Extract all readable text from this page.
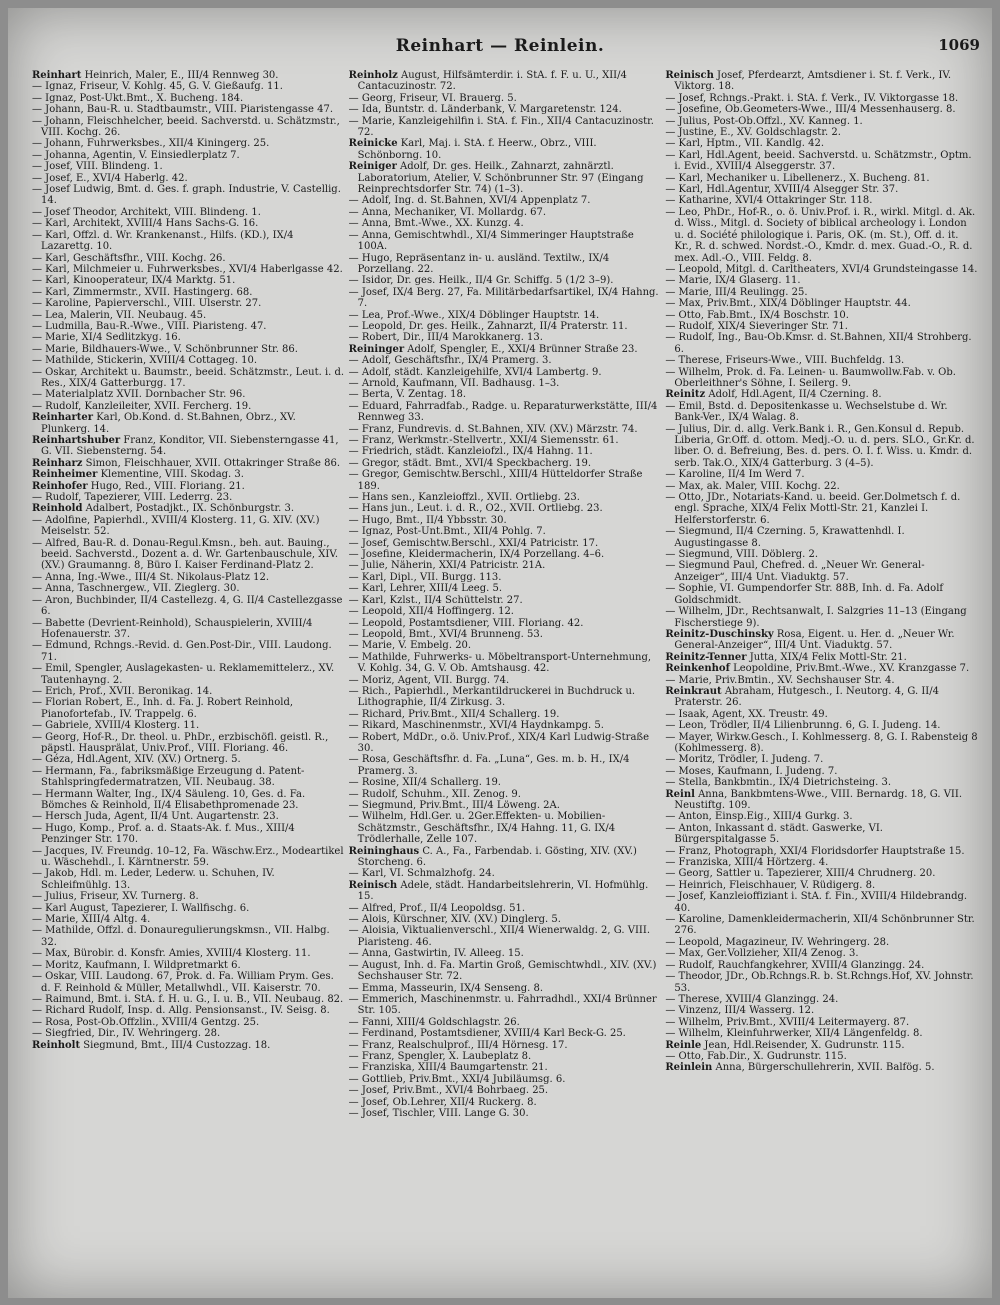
Reinhart — Reinlein.	1069

Reinhart Heinrich, Maler, E., III/4 Rennweg 30.

— Ignaz, Friseur, V. Kohlg. 45, G. V. Gießaufg. 11.

— Ignaz, Post-Ukt.Bmt., X. Bucheng. 184.

— Johann, Bau-R. u. Stadtbaumstr., VIII. Piaristengasse 47.

— Johann, Fleischhelcher, beeid. Sachverstd. u. Schätzmstr., VIII. Kochg. 26.

— Johann, Fuhrwerksbes., XII/4 Kiningerg. 25.

— Johanna, Agentin, V. Einsiedlerplatz 7.

— Josef, VIII. Blindeng. 1.

— Josef, E., XVI/4 Haberlg. 42.

— Josef Ludwig, Bmt. d. Ges. f. graph. Industrie, V. Castellig. 14.

— Josef Theodor, Architekt, VIII. Blindeng. 1.

— Karl, Architekt, XVIII/4 Hans Sachs-G. 16.

— Karl, Offzl. d. Wr. Krankenanst., Hilfs. (KD.), IX/4 Lazarettg. 10.

— Karl, Geschäftsfhr., VIII. Kochg. 26.

— Karl, Milchmeier u. Fuhrwerksbes., XVI/4 Haberlgasse 42.

— Karl, Kinooperateur, IX/4 Marktg. 51.

— Karl, Zimmermstr., XVII. Hastingerg. 68.

— Karoline, Papierverschl., VIII. Ulserstr. 27.

— Lea, Malerin, VII. Neubaug. 45.

— Ludmilla, Bau-R.-Wwe., VIII. Piaristeng. 47.

— Marie, XI/4 Sedlitzkyg. 16.

— Marie, Bildhauers-Wwe., V. Schönbrunner Str. 86.

— Mathilde, Stickerin, XVIII/4 Cottageg. 10.

— Oskar, Architekt u. Baumstr., beeid. Schätzmstr., Leut. i. d. Res., XIX/4 Gatterburgg. 17.

— Materialplatz XVII. Dornbacher Str. 96.

— Rudolf, Kanzleileiter, XVII. Fercherg. 19.

Reinharter Karl, Ob.Kond. d. St.Bahnen, Obrz., XV. Plunkerg. 14.

Reinhartshuber Franz, Konditor, VII. Siebensterngasse 41, G. VII. Siebensterng. 54.

Reinharz Simon, Fleischhauer, XVII. Ottakringer Straße 86.

Reinheimer Klementine, VIII. Skodag. 3.

Reinhofer Hugo, Red., VIII. Floriang. 21.

— Rudolf, Tapezierer, VIII. Lederrg. 23.

Reinhold Adalbert, Postadjkt., IX. Schönburgstr. 3.

— Adolfine, Papierhdl., XVIII/4 Klosterg. 11, G. XIV. (XV.) Meiselstr. 52.

— Alfred, Bau-R. d. Donau-Regul.Kmsn., beh. aut. Bauing., beeid. Sachverstd., Dozent a. d. Wr. Gartenbauschule, XIV. (XV.) Graumanng. 8, Büro I. Kaiser Ferdinand-Platz 2.

— Anna, Ing.-Wwe., III/4 St. Nikolaus-Platz 12.

— Anna, Taschnergew., VII. Zieglerg. 30.

— Aron, Buchbinder, II/4 Castellezg. 4, G. II/4 Castellezgasse 6.

— Babette (Devrient-Reinhold), Schauspielerin, XVIII/4 Hofenauerstr. 37.

— Edmund, Rchngs.-Revid. d. Gen.Post-Dir., VIII. Laudong. 71.

— Emil, Spengler, Auslagekasten- u. Reklamemittelerz., XV. Tautenhayng. 2.

— Erich, Prof., XVII. Beronikag. 14.

— Florian Robert, E., Inh. d. Fa. J. Robert Reinhold, Pianofortefab., IV. Trappelg. 6.

— Gabriele, XVIII/4 Klosterg. 11.

— Georg, Hof-R., Dr. theol. u. PhDr., erzbischöfl. geistl. R., päpstl. Hausprälat, Univ.Prof., VIII. Floriang. 46.

— Géza, Hdl.Agent, XIV. (XV.) Ortnerg. 5.

— Hermann, Fa., fabriksmäßige Erzeugung d. Patent-Stahlspringfedermatratzen, VII. Neubaug. 38.

— Hermann Walter, Ing., IX/4 Säuleng. 10, Ges. d. Fa. Bömches & Reinhold, II/4 Elisabethpromenade 23.

— Hersch Juda, Agent, II/4 Unt. Augartenstr. 23.

— Hugo, Komp., Prof. a. d. Staats-Ak. f. Mus., XIII/4 Penzinger Str. 170.

— Jacques, IV. Freundg. 10–12, Fa. Wäschw.Erz., Modeartikel u. Wäschehdl., I. Kärntnerstr. 59.

— Jakob, Hdl. m. Leder, Lederw. u. Schuhen, IV. Schleifmühlg. 13.

— Julius, Friseur, XV. Turnerg. 8.

— Karl August, Tapezierer, I. Wallfischg. 6.

— Marie, XIII/4 Altg. 4.

— Mathilde, Offzl. d. Donauregulierungskmsn., VII. Halbg. 32.

— Max, Bürobir. d. Konsfr. Amies, XVIII/4 Klosterg. 11.

— Moritz, Kaufmann, I. Wildpretmarkt 6.

— Oskar, VIII. Laudong. 67, Prok. d. Fa. William Prym. Ges. d. F. Reinhold & Müller, Metallwhdl., VII. Kaiserstr. 70.

— Raimund, Bmt. i. StA. f. H. u. G., I. u. B., VII. Neubaug. 82.

— Richard Rudolf, Insp. d. Allg. Pensionsanst., IV. Seisg. 8.

— Rosa, Post-Ob.Offzlin., XVIII/4 Gentzg. 25.

— Siegfried, Dir., IV. Wehringerg. 28.

Reinholt Siegmund, Bmt., III/4 Custozzag. 18.

Reinholz August, Hilfsämterdir. i. StA. f. F. u. U., XII/4 Cantacuzinostr. 72.

— Georg, Friseur, VI. Brauerg. 5.

— Ida, Buntstr. d. Länderbank, V. Margaretenstr. 124.

— Marie, Kanzleigehilfin i. StA. f. Fin., XII/4 Cantacuzinostr. 72.

Reinicke Karl, Maj. i. StA. f. Heerw., Obrz., VIII. Schönborng. 10.

Reiniger Adolf, Dr. ges. Heilk., Zahnarzt, zahnärztl. Laboratorium, Atelier, V. Schönbrunner Str. 97 (Eingang Reinprechtsdorfer Str. 74) (1–3).

— Adolf, Ing. d. St.Bahnen, XVI/4 Appenplatz 7.

— Anna, Mechaniker, VI. Mollardg. 67.

— Anna, Bmt.-Wwe., XX. Kunzg. 4.

— Anna, Gemischtwhdl., XI/4 Simmeringer Hauptstraße 100A.

— Hugo, Repräsentanz in- u. ausländ. Textilw., IX/4 Porzellang. 22.

— Isidor, Dr. ges. Heilk., II/4 Gr. Schiffg. 5 (1/2 3–9).

— Josef, IX/4 Berg. 27, Fa. Militärbedarfsartikel, IX/4 Hahng. 7.

— Lea, Prof.-Wwe., XIX/4 Döblinger Hauptstr. 14.

— Leopold, Dr. ges. Heilk., Zahnarzt, II/4 Praterstr. 11.

— Robert, Dir., III/4 Marokkanerg. 13.

Reininger Adolf, Spengler, E., XXI/4 Brünner Straße 23.

— Adolf, Geschäftsfhr., IX/4 Pramerg. 3.

— Adolf, städt. Kanzleigehilfe, XVI/4 Lambertg. 9.

— Arnold, Kaufmann, VII. Badhausg. 1–3.

— Berta, V. Zentag. 18.

— Eduard, Fahrradfab., Radge. u. Reparaturwerkstätte, III/4 Rennweg 33.

— Franz, Fundrevis. d. St.Bahnen, XIV. (XV.) Märzstr. 74.

— Franz, Werkmstr.-Stellvertr., XXI/4 Siemensstr. 61.

— Friedrich, städt. Kanzleiofzl., IX/4 Hahng. 11.

— Gregor, städt. Bmt., XVI/4 Speckbacherg. 19.

— Gregor, Gemischtw.Berschl., XIII/4 Hütteldorfer Straße 189.

— Hans sen., Kanzleioffzl., XVII. Ortliebg. 23.

— Hans jun., Leut. i. d. R., O2., XVII. Ortliebg. 23.

— Hugo, Bmt., II/4 Ybbsstr. 30.

— Ignaz, Post-Unt.Bmt., XII/4 Pohlg. 7.

— Josef, Gemischtw.Berschl., XXI/4 Patricistr. 17.

— Josefine, Kleidermacherin, IX/4 Porzellang. 4–6.

— Julie, Näherin, XXI/4 Patricistr. 21A.

— Karl, Dipl., VII. Burgg. 113.

— Karl, Lehrer, XIII/4 Leeg. 5.

— Karl, Kzlst., II/4 Schüttelstr. 27.

— Leopold, XII/4 Hoffingerg. 12.

— Leopold, Postamtsdiener, VIII. Floriang. 42.

— Leopold, Bmt., XVI/4 Brunneng. 53.

— Marie, V. Embelg. 20.

— Mathilde, Fuhrwerks- u. Möbeltransport-Unternehmung, V. Kohlg. 34, G. V. Ob. Amtshausg. 42.

— Moriz, Agent, VII. Burgg. 74.

— Rich., Papierhdl., Merkantildruckerei in Buchdruck u. Lithographie, II/4 Zirkusg. 3.

— Richard, Priv.Bmt., XII/4 Schallerg. 19.

— Rikard, Maschinenmstr., XVI/4 Haydnkampg. 5.

— Robert, MdDr., o.ö. Univ.Prof., XIX/4 Karl Ludwig-Straße 30.

— Rosa, Geschäftsfhr. d. Fa. „Luna“, Ges. m. b. H., IX/4 Pramerg. 3.

— Rosine, XII/4 Schallerg. 19.

— Rudolf, Schuhm., XII. Zenog. 9.

— Siegmund, Priv.Bmt., III/4 Löweng. 2A.

— Wilhelm, Hdl.Ger. u. 2Ger.Effekten- u. Mobilien-Schätzmstr., Geschäftsfhr., IX/4 Hahng. 11, G. IX/4 Trödlerhalle, Zelle 107.

Reininghaus C. A., Fa., Farbendab. i. Gösting, XIV. (XV.) Storcheng. 6.

— Karl, VI. Schmalzhofg. 24.

Reinisch Adele, städt. Handarbeitslehrerin, VI. Hofmühlg. 15.

— Alfred, Prof., II/4 Leopoldsg. 51.

— Alois, Kürschner, XIV. (XV.) Dinglerg. 5.

— Aloisia, Viktualienverschl., XII/4 Wienerwaldg. 2, G. VIII. Piaristeng. 46.

— Anna, Gastwirtin, IV. Alleeg. 15.

— August, Inh. d. Fa. Martin Groß, Gemischtwhdl., XIV. (XV.) Sechshauser Str. 72.

— Emma, Masseurin, IX/4 Senseng. 8.

— Emmerich, Maschinenmstr. u. Fahrradhdl., XXI/4 Brünner Str. 105.

— Fanni, XIII/4 Goldschlagstr. 26.

— Ferdinand, Postamtsdiener, XVIII/4 Karl Beck-G. 25.

— Franz, Realschulprof., III/4 Hörnesg. 17.

— Franz, Spengler, X. Laubeplatz 8.

— Franziska, XIII/4 Baumgartenstr. 21.

— Gottlieb, Priv.Bmt., XXI/4 Jubiläumsg. 6.

— Josef, Priv.Bmt., XVI/4 Bohrbaeg. 25.

— Josef, Ob.Lehrer, XII/4 Ruckerg. 8.

— Josef, Tischler, VIII. Lange G. 30.

Reinisch Josef, Pferdearzt, Amtsdiener i. St. f. Verk., IV. Viktorg. 18.

— Josef, Rchngs.-Prakt. i. StA. f. Verk., IV. Viktorgasse 18.

— Josefine, Ob.Geometers-Wwe., III/4 Messenhauserg. 8.

— Julius, Post-Ob.Offzl., XV. Kanneg. 1.

— Justine, E., XV. Goldschlagstr. 2.

— Karl, Hptm., VII. Kandlg. 42.

— Karl, Hdl.Agent, beeid. Sachverstd. u. Schätzmstr., Optm. i. Evid., XVIII/4 Alseggerstr. 37.

— Karl, Mechaniker u. Libellenerz., X. Bucheng. 81.

— Karl, Hdl.Agentur, XVIII/4 Alsegger Str. 37.

— Katharine, XVI/4 Ottakringer Str. 118.

— Leo, PhDr., Hof-R., o. ö. Univ.Prof. i. R., wirkl. Mitgl. d. Ak. d. Wiss., Mitgl. d. Society of biblical archeology i. London u. d. Société philologique i. Paris, OK. (m. St.), Off. d. it. Kr., R. d. schwed. Nordst.-O., Kmdr. d. mex. Guad.-O., R. d. mex. Adl.-O., VIII. Feldg. 8.

— Leopold, Mitgl. d. Carltheaters, XVI/4 Grundsteingasse 14.

— Marie, IX/4 Glaserg. 11.

— Marie, III/4 Reulingg. 25.

— Max, Priv.Bmt., XIX/4 Döblinger Hauptstr. 44.

— Otto, Fab.Bmt., IX/4 Boschstr. 10.

— Rudolf, XIX/4 Sieveringer Str. 71.

— Rudolf, Ing., Bau-Ob.Kmsr. d. St.Bahnen, XII/4 Strohberg. 6.

— Therese, Friseurs-Wwe., VIII. Buchfeldg. 13.

— Wilhelm, Prok. d. Fa. Leinen- u. Baumwollw.Fab. v. Ob. Oberleithner's Söhne, I. Seilerg. 9.

Reinitz Adolf, Hdl.Agent, II/4 Czerning. 8.

— Emil, Bstd. d. Depositenkasse u. Wechselstube d. Wr. Bank-Ver., IX/4 Walag. 8.

— Julius, Dir. d. allg. Verk.Bank i. R., Gen.Konsul d. Repub. Liberia, Gr.Off. d. ottom. Medj.-O. u. d. pers. SLO., Gr.Kr. d. liber. O. d. Befreiung, Bes. d. pers. O. I. f. Wiss. u. Kmdr. d. serb. Tak.O., XIX/4 Gatterburg. 3 (4–5).

— Karoline, II/4 Im Werd 7.

— Max, ak. Maler, VIII. Kochg. 22.

— Otto, JDr., Notariats-Kand. u. beeid. Ger.Dolmetsch f. d. engl. Sprache, XIX/4 Felix Mottl-Str. 21, Kanzlei I. Helferstorferstr. 6.

— Siegmund, II/4 Czerning. 5, Krawattenhdl. I. Augustingasse 8.

— Siegmund, VIII. Döblerg. 2.

— Siegmund Paul, Chefred. d. „Neuer Wr. General-Anzeiger“, III/4 Unt. Viaduktg. 57.

— Sophie, VI. Gumpendorfer Str. 88B, Inh. d. Fa. Adolf Goldschmidt.

— Wilhelm, JDr., Rechtsanwalt, I. Salzgries 11–13 (Eingang Fischerstiege 9).

Reinitz-Duschinsky Rosa, Eigent. u. Her. d. „Neuer Wr. General-Anzeiger“, III/4 Unt. Viaduktg. 57.

Reinitz-Tenner Jutta, XIX/4 Felix Mottl-Str. 21.

Reinkenhof Leopoldine, Priv.Bmt.-Wwe., XV. Kranzgasse 7.

— Marie, Priv.Bmtin., XV. Sechshauser Str. 4.

Reinkraut Abraham, Hutgesch., I. Neutorg. 4, G. II/4 Praterstr. 26.

— Isaak, Agent, XX. Treustr. 49.

— Leon, Trödler, II/4 Lilienbrunng. 6, G. I. Judeng. 14.

— Mayer, Wirkw.Gesch., I. Kohlmesserg. 8, G. I. Rabensteig 8 (Kohlmesserg. 8).

— Moritz, Trödler, I. Judeng. 7.

— Moses, Kaufmann, I. Judeng. 7.

— Stella, Bankbmtin., IX/4 Dietrichsteing. 3.

Reinl Anna, Bankbmtens-Wwe., VIII. Bernardg. 18, G. VII. Neustiftg. 109.

— Anton, Einsp.Eig., XIII/4 Gurkg. 3.

— Anton, Inkassant d. städt. Gaswerke, VI. Bürgerspitalgasse 5.

— Franz, Photograph, XXI/4 Floridsdorfer Hauptstraße 15.

— Franziska, XIII/4 Hörtzerg. 4.

— Georg, Sattler u. Tapezierer, XIII/4 Chrudnerg. 20.

— Heinrich, Fleischhauer, V. Rüdigerg. 8.

— Josef, Kanzleioffiziant i. StA. f. Fin., XVIII/4 Hildebrandg. 40.

— Karoline, Damenkleidermacherin, XII/4 Schönbrunner Str. 276.

— Leopold, Magazineur, IV. Wehringerg. 28.

— Max, Ger.Vollzieher, XII/4 Zenog. 3.

— Rudolf, Rauchfangkehrer, XVIII/4 Glanzingg. 24.

— Theodor, JDr., Ob.Rchngs.R. b. St.Rchngs.Hof, XV. Johnstr. 53.

— Therese, XVIII/4 Glanzingg. 24.

— Vinzenz, III/4 Wasserg. 12.

— Wilhelm, Priv.Bmt., XVIII/4 Leitermayerg. 87.

— Wilhelm, Kleinfuhrwerker, XII/4 Längenfeldg. 8.

Reinle Jean, Hdl.Reisender, X. Gudrunstr. 115.

— Otto, Fab.Dir., X. Gudrunstr. 115.

Reinlein Anna, Bürgerschullehrerin, XVII. Balfög. 5.
